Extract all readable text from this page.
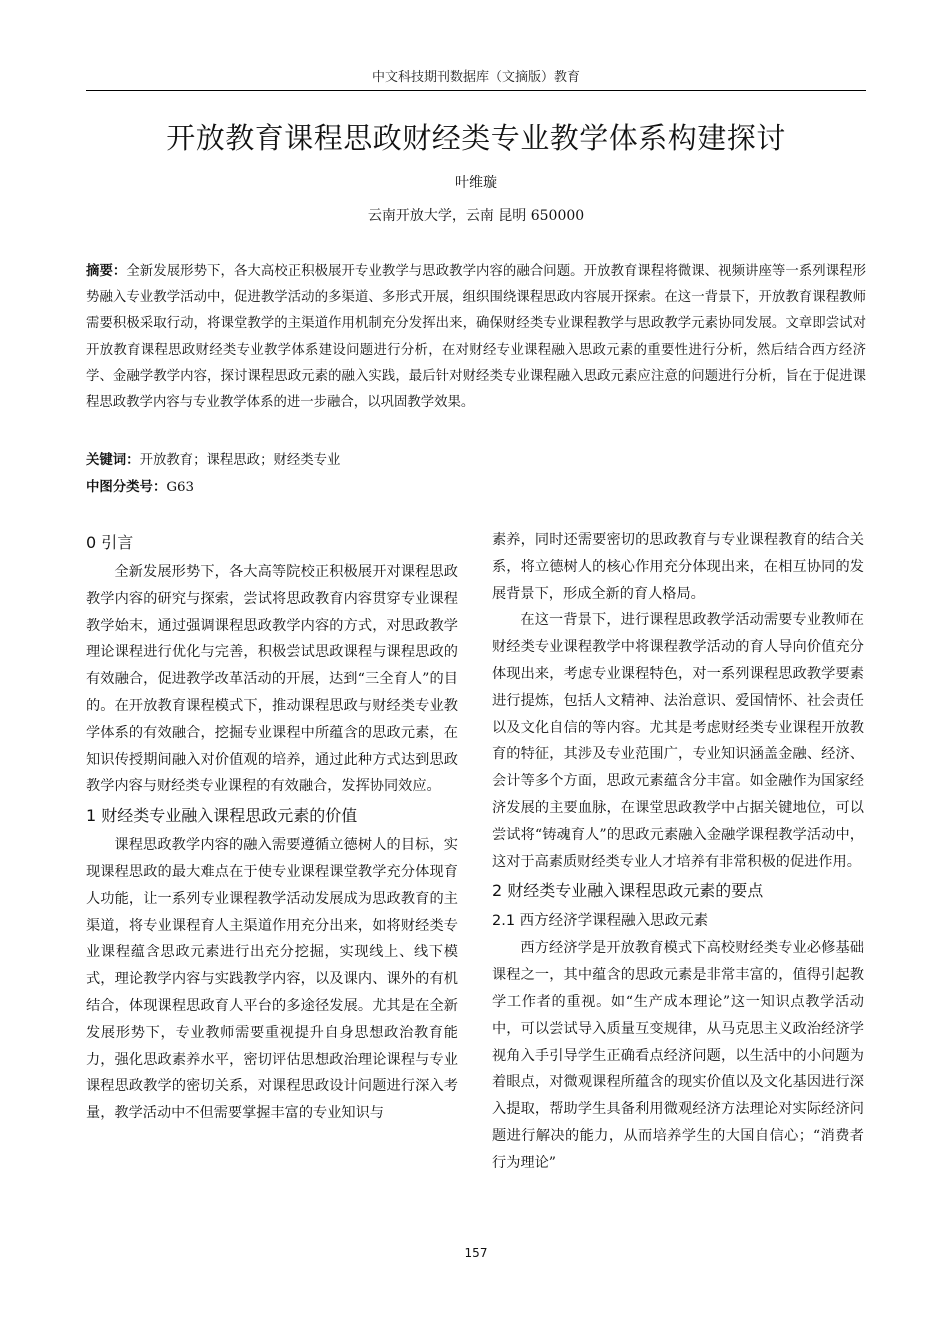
中文科技期刊数据库（文摘版）教育
开放教育课程思政财经类专业教学体系构建探讨
叶维璇
云南开放大学，云南 昆明 650000
摘要：全新发展形势下，各大高校正积极展开专业教学与思政教学内容的融合问题。开放教育课程将微课、视频讲座等一系列课程形势融入专业教学活动中，促进教学活动的多渠道、多形式开展，组织围绕课程思政内容展开探索。在这一背景下，开放教育课程教师需要积极采取行动，将课堂教学的主渠道作用机制充分发挥出来，确保财经类专业课程教学与思政教学元素协同发展。文章即尝试对开放教育课程思政财经类专业教学体系建设问题进行分析，在对财经专业课程融入思政元素的重要性进行分析，然后结合西方经济学、金融学教学内容，探讨课程思政元素的融入实践，最后针对财经类专业课程融入思政元素应注意的问题进行分析，旨在于促进课程思政教学内容与专业教学体系的进一步融合，以巩固教学效果。
关键词：开放教育；课程思政；财经类专业
中图分类号：G63
0 引言

全新发展形势下，各大高等院校正积极展开对课程思政教学内容的研究与探索，尝试将思政教育内容贯穿专业课程教学始末，通过强调课程思政教学内容的方式，对思政教学理论课程进行优化与完善，积极尝试思政课程与课程思政的有效融合，促进教学改革活动的开展，达到“三全育人”的目的。在开放教育课程模式下，推动课程思政与财经类专业教学体系的有效融合，挖掘专业课程中所蕴含的思政元素，在知识传授期间融入对价值观的培养，通过此种方式达到思政教学内容与财经类专业课程的有效融合，发挥协同效应。

1 财经类专业融入课程思政元素的价值

课程思政教学内容的融入需要遵循立德树人的目标，实现课程思政的最大难点在于使专业课程课堂教学充分体现育人功能，让一系列专业课程教学活动发展成为思政教育的主渠道，将专业课程育人主渠道作用充分出来，如将财经类专业课程蕴含思政元素进行出充分挖掘，实现线上、线下模式，理论教学内容与实践教学内容，以及课内、课外的有机结合，体现课程思政育人平台的多途径发展。尤其是在全新发展形势下，专业教师需要重视提升自身思想政治教育能力，强化思政素养水平，密切评估思想政治理论课程与专业课程思政教学的密切关系，对课程思政设计问题进行深入考量，教学活动中不但需要掌握丰富的专业知识与

素养，同时还需要密切的思政教育与专业课程教育的结合关系，将立德树人的核心作用充分体现出来，在相互协同的发展背景下，形成全新的育人格局。

在这一背景下，进行课程思政教学活动需要专业教师在财经类专业课程教学中将课程教学活动的育人导向价值充分体现出来，考虑专业课程特色，对一系列课程思政教学要素进行提炼，包括人文精神、法治意识、爱国情怀、社会责任以及文化自信的等内容。尤其是考虑财经类专业课程开放教育的特征，其涉及专业范围广，专业知识涵盖金融、经济、会计等多个方面，思政元素蕴含分丰富。如金融作为国家经济发展的主要血脉，在课堂思政教学中占据关键地位，可以尝试将“铸魂育人”的思政元素融入金融学课程教学活动中，这对于高素质财经类专业人才培养有非常积极的促进作用。

2 财经类专业融入课程思政元素的要点
2.1 西方经济学课程融入思政元素

西方经济学是开放教育模式下高校财经类专业必修基础课程之一，其中蕴含的思政元素是非常丰富的，值得引起教学工作者的重视。如“生产成本理论”这一知识点教学活动中，可以尝试导入质量互变规律，从马克思主义政治经济学视角入手引导学生正确看点经济问题，以生活中的小问题为着眼点，对微观课程所蕴含的现实价值以及文化基因进行深入提取，帮助学生具备利用微观经济方法理论对实际经济问题进行解决的能力，从而培养学生的大国自信心；“消费者行为理论”

157
